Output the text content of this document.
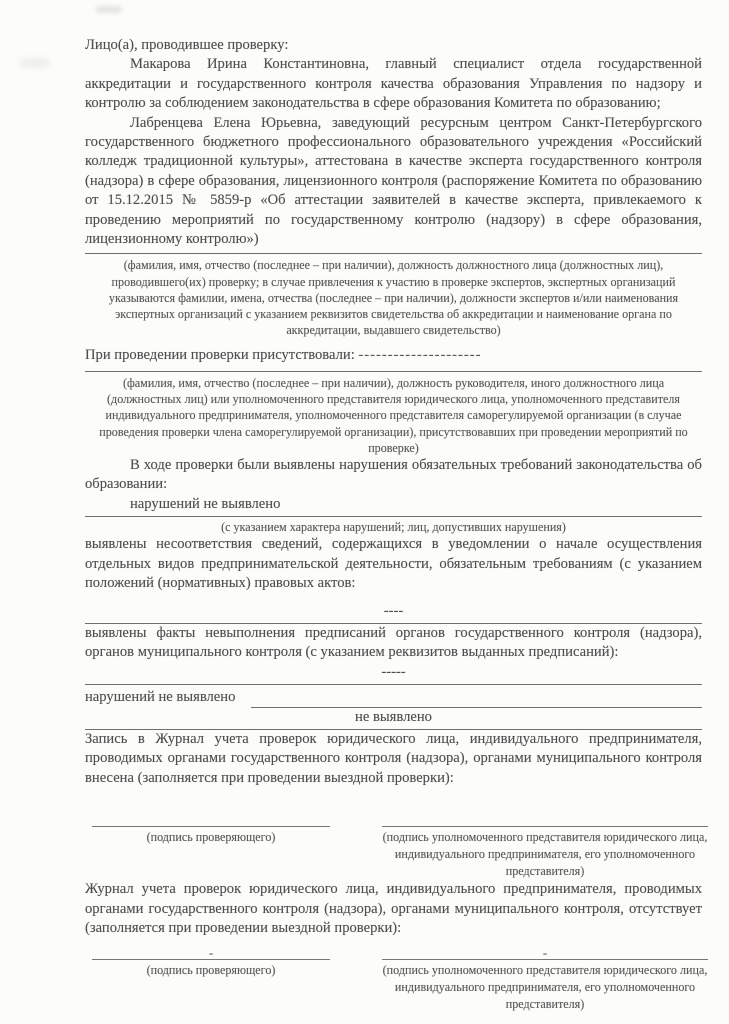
Лицо(а), проводившее проверку:

Макарова Ирина Константиновна, главный специалист отдела государственной аккредитации и государственного контроля качества образования Управления по надзору и контролю за соблюдением законодательства в сфере образования Комитета по образованию;

Лабренцева Елена Юрьевна, заведующий ресурсным центром Санкт-Петербургского государственного бюджетного профессионального образовательного учреждения «Российский колледж традиционной культуры», аттестована в качестве эксперта государственного контроля (надзора) в сфере образования, лицензионного контроля (распоряжение Комитета по образованию от 15.12.2015 № 5859-р «Об аттестации заявителей в качестве эксперта, привлекаемого к проведению мероприятий по государственному контролю (надзору) в сфере образования, лицензионному контролю»)

(фамилия, имя, отчество (последнее – при наличии), должность должностного лица (должностных лиц), проводившего(их) проверку; в случае привлечения к участию в проверке экспертов, экспертных организаций указываются фамилии, имена, отчества (последнее – при наличии), должности экспертов и/или наименования экспертных организаций с указанием реквизитов свидетельства об аккредитации и наименование органа по аккредитации, выдавшего свидетельство)
При проведении проверки присутствовали: ---------------------
(фамилия, имя, отчество (последнее – при наличии), должность руководителя, иного должностного лица (должностных лиц) или уполномоченного представителя юридического лица, уполномоченного представителя индивидуального предпринимателя, уполномоченного представителя саморегулируемой организации (в случае проведения проверки члена саморегулируемой организации), присутствовавших при проведении мероприятий по проверке)

В ходе проверки были выявлены нарушения обязательных требований законодательства об образовании:

нарушений не выявлено
(с указанием характера нарушений; лиц, допустивших нарушения)

выявлены несоответствия сведений, содержащихся в уведомлении о начале осуществления отдельных видов предпринимательской деятельности, обязательным требованиям (с указанием положений (нормативных) правовых актов:

----

выявлены факты невыполнения предписаний органов государственного контроля (надзора), органов муниципального контроля (с указанием реквизитов выданных предписаний):

-----
нарушений не выявлено
не выявлено

Запись в Журнал учета проверок юридического лица, индивидуального предпринимателя, проводимых органами государственного контроля (надзора), органами муниципального контроля внесена (заполняется при проведении выездной проверки):

(подпись проверяющего)	(подпись уполномоченного представителя юридического лица, индивидуального предпринимателя, его уполномоченного представителя)

Журнал учета проверок юридического лица, индивидуального предпринимателя, проводимых органами государственного контроля (надзора), органами муниципального контроля, отсутствует (заполняется при проведении выездной проверки):

-
(подпись проверяющего)
-
(подпись уполномоченного представителя юридического лица, индивидуального предпринимателя, его уполномоченного представителя)
